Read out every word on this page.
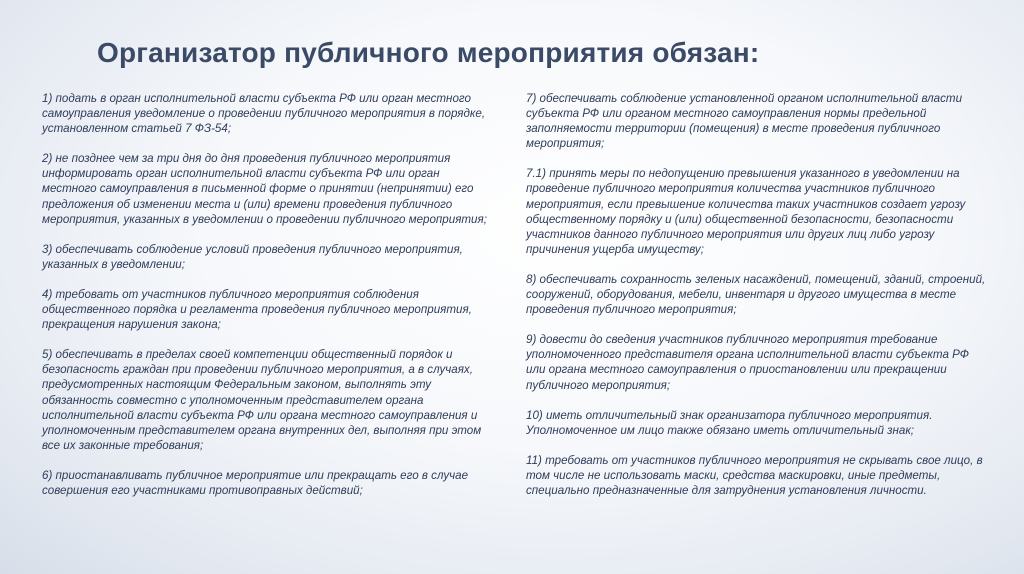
Организатор публичного мероприятия обязан:

1) подать в орган исполнительной власти субъекта РФ или орган местного самоуправления уведомление о проведении публичного мероприятия в порядке, установленном статьей 7 ФЗ-54;

2) не позднее чем за три дня до дня проведения публичного мероприятия информировать орган исполнительной власти субъекта РФ или орган местного самоуправления в письменной форме о принятии (непринятии) его предложения об изменении места и (или) времени проведения публичного мероприятия, указанных в уведомлении о проведении публичного мероприятия;

3) обеспечивать соблюдение условий проведения публичного мероприятия, указанных в уведомлении;

4) требовать от участников публичного мероприятия соблюдения общественного порядка и регламента проведения публичного мероприятия, прекращения нарушения закона;

5) обеспечивать в пределах своей компетенции общественный порядок и безопасность граждан при проведении публичного мероприятия, а в случаях, предусмотренных настоящим Федеральным законом, выполнять эту обязанность совместно с уполномоченным представителем органа исполнительной власти субъекта РФ или органа местного самоуправления и уполномоченным представителем органа внутренних дел, выполняя при этом все их законные требования;

6) приостанавливать публичное мероприятие или прекращать его в случае совершения его участниками противоправных действий;

7) обеспечивать соблюдение установленной органом исполнительной власти субъекта РФ или органом местного самоуправления нормы предельной заполняемости территории (помещения) в месте проведения публичного мероприятия;

7.1) принять меры по недопущению превышения указанного в уведомлении на проведение публичного мероприятия количества участников публичного мероприятия, если превышение количества таких участников создает угрозу общественному порядку и (или) общественной безопасности, безопасности участников данного публичного мероприятия или других лиц либо угрозу причинения ущерба имуществу;

8) обеспечивать сохранность зеленых насаждений, помещений, зданий, строений, сооружений, оборудования, мебели, инвентаря и другого имущества в месте проведения публичного мероприятия;

9) довести до сведения участников публичного мероприятия требование уполномоченного представителя органа исполнительной власти субъекта РФ или органа местного самоуправления о приостановлении или прекращении публичного мероприятия;

10) иметь отличительный знак организатора публичного мероприятия. Уполномоченное им лицо также обязано иметь отличительный знак;

11) требовать от участников публичного мероприятия не скрывать свое лицо, в том числе не использовать маски, средства маскировки, иные предметы, специально предназначенные для затруднения установления личности.
